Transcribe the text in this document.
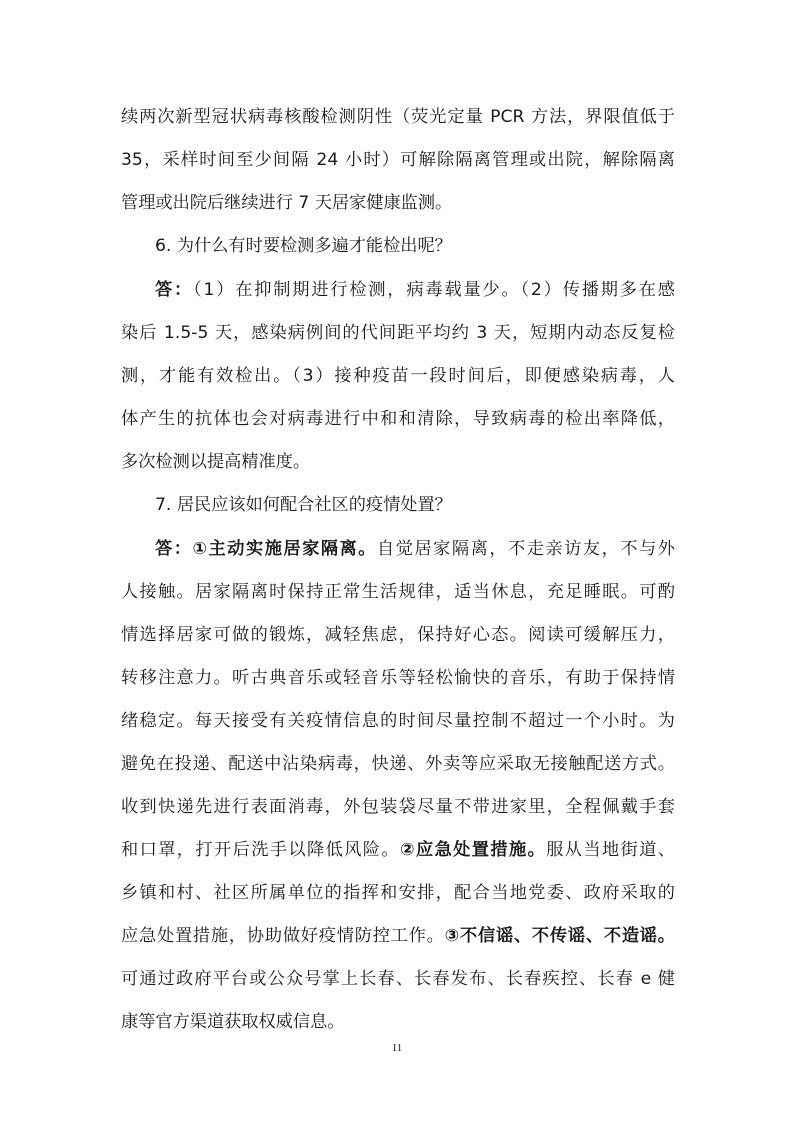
续两次新型冠状病毒核酸检测阴性（荧光定量 PCR 方法，界限值低于
35，采样时间至少间隔 24 小时）可解除隔离管理或出院，解除隔离
管理或出院后继续进行 7 天居家健康监测。
6. 为什么有时要检测多遍才能检出呢？
答：（1）在抑制期进行检测，病毒载量少。（2）传播期多在感
染后 1.5-5 天，感染病例间的代间距平均约 3 天，短期内动态反复检
测，才能有效检出。（3）接种疫苗一段时间后，即便感染病毒，人
体产生的抗体也会对病毒进行中和和清除，导致病毒的检出率降低，
多次检测以提高精准度。
7. 居民应该如何配合社区的疫情处置？
答：①主动实施居家隔离。自觉居家隔离，不走亲访友，不与外
人接触。居家隔离时保持正常生活规律，适当休息，充足睡眠。可酌
情选择居家可做的锻炼，减轻焦虑，保持好心态。阅读可缓解压力，
转移注意力。听古典音乐或轻音乐等轻松愉快的音乐，有助于保持情
绪稳定。每天接受有关疫情信息的时间尽量控制不超过一个小时。为
避免在投递、配送中沾染病毒，快递、外卖等应采取无接触配送方式。
收到快递先进行表面消毒，外包装袋尽量不带进家里，全程佩戴手套
和口罩，打开后洗手以降低风险。②应急处置措施。服从当地街道、
乡镇和村、社区所属单位的指挥和安排，配合当地党委、政府采取的
应急处置措施，协助做好疫情防控工作。③不信谣、不传谣、不造谣。
可通过政府平台或公众号掌上长春、长春发布、长春疾控、长春 e 健
康等官方渠道获取权威信息。
11
